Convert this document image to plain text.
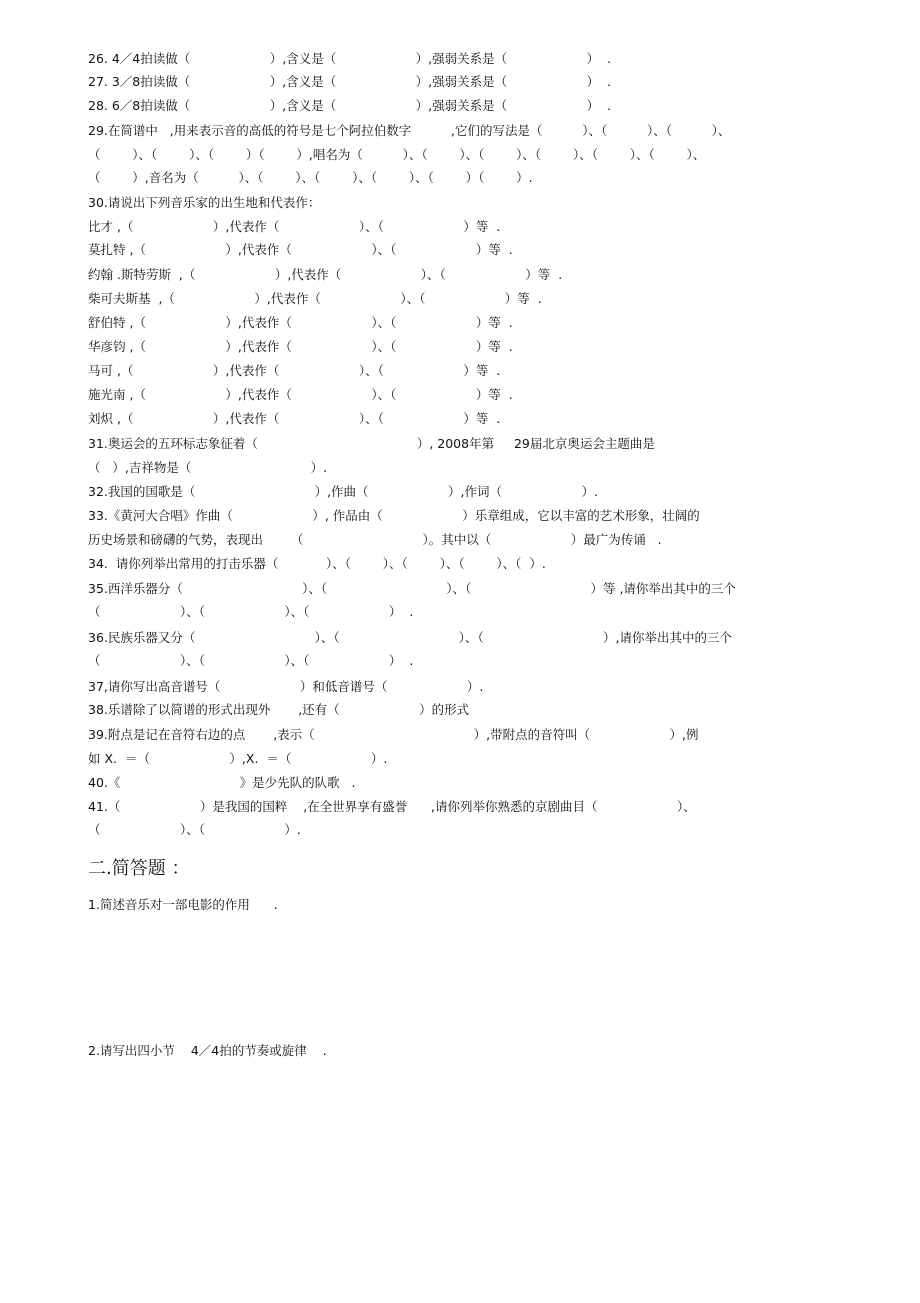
26. 4／4拍读做（                    ）,含义是（                    ）,强弱关系是（                    ）  .
27. 3／8拍读做（                    ）,含义是（                    ）,强弱关系是（                    ）  .
28. 6／8拍读做（                    ）,含义是（                    ）,强弱关系是（                    ）  .
29.在简谱中   ,用来表示音的高低的符号是七个阿拉伯数字          ,它们的写法是（          ）、（          ）、（          ）、
（        ）、（        ）、（        ）（        ）,唱名为（          ）、（        ）、（        ）、（        ）、（        ）、（        ）、
（        ）,音名为（          ）、（        ）、（        ）、（        ）、（        ）（        ）.
30.请说出下列音乐家的出生地和代表作：
比才 ,（                    ）,代表作（                    ）、（                    ）等  .
莫扎特 ,（                    ）,代表作（                    ）、（                    ）等  .
约翰 .斯特劳斯  ,（                    ）,代表作（                    ）、（                    ）等  .
柴可夫斯基  ,（                    ）,代表作（                    ）、（                    ）等  .
舒伯特 ,（                    ）,代表作（                    ）、（                    ）等  .
华彦钧 ,（                    ）,代表作（                    ）、（                    ）等  .
马可 ,（                    ）,代表作（                    ）、（                    ）等  .
施光南 ,（                    ）,代表作（                    ）、（                    ）等  .
刘炽 ,（                    ）,代表作（                    ）、（                    ）等  .
31.奥运会的五环标志象征着（                                        ）, 2008年第     29届北京奥运会主题曲是
（   ）,吉祥物是（                              ）.
32.我国的国歌是（                              ）,作曲（                    ）,作词（                    ）.
33.《黄河大合唱》作曲（                    ）, 作品由（                    ）乐章组成，它以丰富的艺术形象，壮阔的
历史场景和磅礴的气势，表现出       （                              ）。其中以（                    ）最广为传诵   .
34.  请你列举出常用的打击乐器（            ）、（        ）、（        ）、（        ）、（  ）.
35.西洋乐器分（                              ）、（                              ）、（                              ）等 ,请你举出其中的三个
（                    ）、（                    ）、（                    ）  .
36.民族乐器又分（                              ）、（                              ）、（                              ）,请你举出其中的三个
（                    ）、（                    ）、（                    ）  .
37,请你写出高音谱号（                    ）和低音谱号（                    ）.
38.乐谱除了以简谱的形式出现外       ,还有（                    ）的形式
39.附点是记在音符右边的点       ,表示（                                        ）,带附点的音符叫（                    ）,例
如 X.  ＝（                    ）,X.  ＝（                    ）.
40.《                              》是少先队的队歌   .
41.（                    ）是我国的国粹    ,在全世界享有盛誉      ,请你列举你熟悉的京剧曲目（                    ）、
（                    ）、（                    ）.
二.简答题 ：
1.简述音乐对一部电影的作用      .
2.请写出四小节    4／4拍的节奏或旋律    .
